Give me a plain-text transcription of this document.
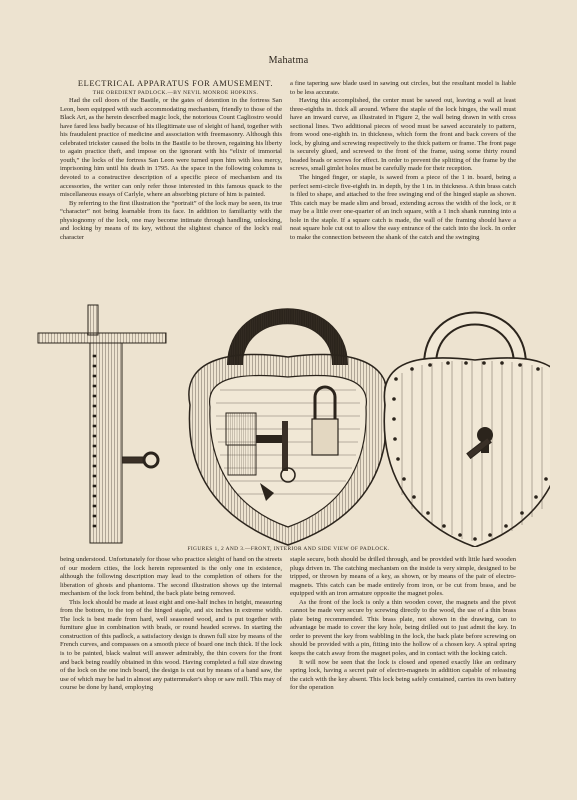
Mahatma

ELECTRICAL APPARATUS FOR AMUSEMENT.

THE OBEDIENT PADLOCK.—BY NEVIL MONROE HOPKINS.

Had the cell doors of the Bastile, or the gates of detention in the fortress San Leon, been equipped with such accommodating mechanism, friendly to those of the Black Art, as the herein described magic lock, the notorious Count Cagliostro would have fared less badly because of his illegitimate use of sleight of hand, together with his fraudulent practice of medicine and association with freemasonry. Although this celebrated trickster caused the bolts in the Bastile to be thrown, regaining his liberty to again practice theft, and impose on the ignorant with his “elixir of immortal youth,” the locks of the fortress San Leon were turned upon him with less mercy, imprisoning him until his death in 1795. As the space in the following columns is devoted to a constructive description of a specific piece of mechanism and its accessories, the writer can only refer those interested in this famous quack to the miscellaneous essays of Carlyle, where an absorbing picture of him is painted.

By referring to the first illustration the “portrait” of the lock may be seen, its true “character” not being learnable from its face. In addition to familiarity with the physiognomy of the lock, one may become intimate through handling, unlocking, and locking by means of its key, without the slightest chance of the lock's real character

a fine tapering saw blade used in sawing out circles, but the resultant model is liable to be less accurate.

Having this accomplished, the center must be sawed out, leaving a wall at least three-eighths in. thick all around. Where the staple of the lock hinges, the wall must have an inward curve, as illustrated in Figure 2, the wall being drawn in with cross sectional lines. Two additional pieces of wood must be sawed accurately to pattern, from wood one-eighth in. in thickness, which form the front and back covers of the lock, by gluing and screwing respectively to the thick pattern or frame. The front page is securely glued, and screwed to the front of the frame, using some thirty round headed brads or screws for effect. In order to prevent the splitting of the frame by the screws, small gimlet holes must be carefully made for their reception.

The hinged finger, or staple, is sawed from a piece of the 1 in. board, being a perfect semi-circle five-eighth in. in depth, by the 1 in. in thickness. A thin brass catch is filed to shape, and attached to the free swinging end of the hinged staple as shown. This catch may be made slim and broad, extending across the width of the lock, or it may be a little over one-quarter of an inch square, with a 1 inch shank running into a hole in the staple. If a square catch is made, the wall of the framing should have a neat square hole cut out to allow the easy entrance of the catch into the lock. In order to make the connection between the shank of the catch and the swinging

FIGURES 1, 2 AND 3.—FRONT, INTERIOR AND SIDE VIEW OF PADLOCK.

being understood. Unfortunately for those who practice sleight of hand on the streets of our modern cities, the lock herein represented is the only one in existence, although the following description may lead to the completion of others for the liberation of ghosts and phantoms. The second illustration shows up the internal mechanism of the lock from behind, the back plate being removed.

This lock should be made at least eight and one-half inches in height, measuring from the bottom, to the top of the hinged staple, and six inches in extreme width. The lock is best made from hard, well seasoned wood, and is put together with furniture glue in combination with brads, or round headed screws. In starting the construction of this padlock, a satisfactory design is drawn full size by means of the French curves, and compasses on a smooth piece of board one inch thick. If the lock is to be painted, black walnut will answer admirably, the thin covers for the front and back being readily obtained in this wood. Having completed a full size drawing of the lock on the one inch board, the design is cut out by means of a band saw, the use of which may be had in almost any patternmaker's shop or saw mill. This may of course be done by hand, employing

staple secure, both should be drilled through, and be provided with little hard wooden plugs driven in. The catching mechanism on the inside is very simple, designed to be tripped, or thrown by means of a key, as shown, or by means of the pair of electro-magnets. This catch can be made entirely from iron, or be cut from brass, and be equipped with an iron armature opposite the magnet poles.

As the front of the lock is only a thin wooden cover, the magnets and the pivot cannot be made very secure by screwing directly to the wood, the use of a thin brass plate being recommended. This brass plate, not shown in the drawing, can to advantage be made to cover the key hole, being drilled out to just admit the key. In order to prevent the key from wabbling in the lock, the back plate before screwing on should be provided with a pin, fitting into the hollow of a chosen key. A spiral spring keeps the catch away from the magnet poles, and in contact with the locking catch.

It will now be seen that the lock is closed and opened exactly like an ordinary spring lock, having a secret pair of electro-magnets in addition capable of releasing the catch with the key absent. This lock being safely contained, carries its own battery for the operation
